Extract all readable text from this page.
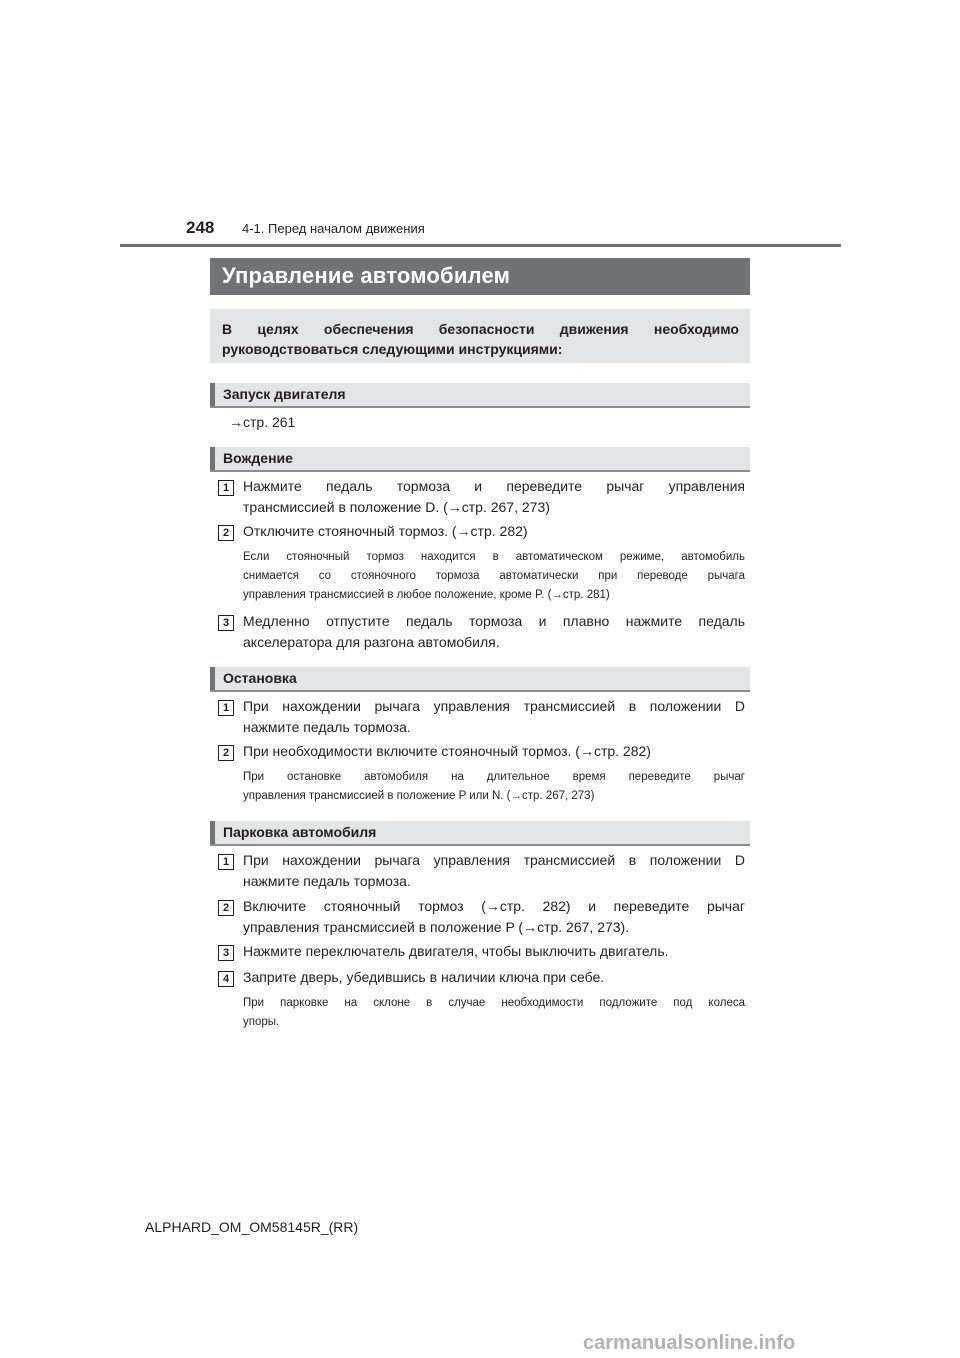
248 4-1. Перед началом движения
Управление автомобилем

В целях обеспечения безопасности движения необходимо
руководствоваться следующими инструкциями:

Запуск двигателя
→стр. 261
Вождение
1 Нажмите педаль тормоза и переведите рычаг управления
трансмиссией в положение D. (→стр. 267, 273)

2 Отключите стояночный тормоз. (→стр. 282)

Если стояночный тормоз находится в автоматическом режиме, автомобиль
снимается со стояночного тормоза автоматически при переводе рычага
управления трансмиссией в любое положение, кроме P. (→стр. 281)

3 Медленно отпустите педаль тормоза и плавно нажмите педаль
акселератора для разгона автомобиля.

Остановка
1 При нахождении рычага управления трансмиссией в положении D
нажмите педаль тормоза.

2 При необходимости включите стояночный тормоз. (→стр. 282)

При остановке автомобиля на длительное время переведите рычаг
управления трансмиссией в положение P или N. (→стр. 267, 273)

Парковка автомобиля
1 При нахождении рычага управления трансмиссией в положении D
нажмите педаль тормоза.

2 Включите стояночный тормоз (→стр. 282) и переведите рычаг
управления трансмиссией в положение P (→стр. 267, 273).

3 Нажмите переключатель двигателя, чтобы выключить двигатель.

4 Заприте дверь, убедившись в наличии ключа при себе.

При парковке на склоне в случае необходимости подложите под колеса
упоры.

ALPHARD_OM_OM58145R_(RR)
carmanualsonline.info
